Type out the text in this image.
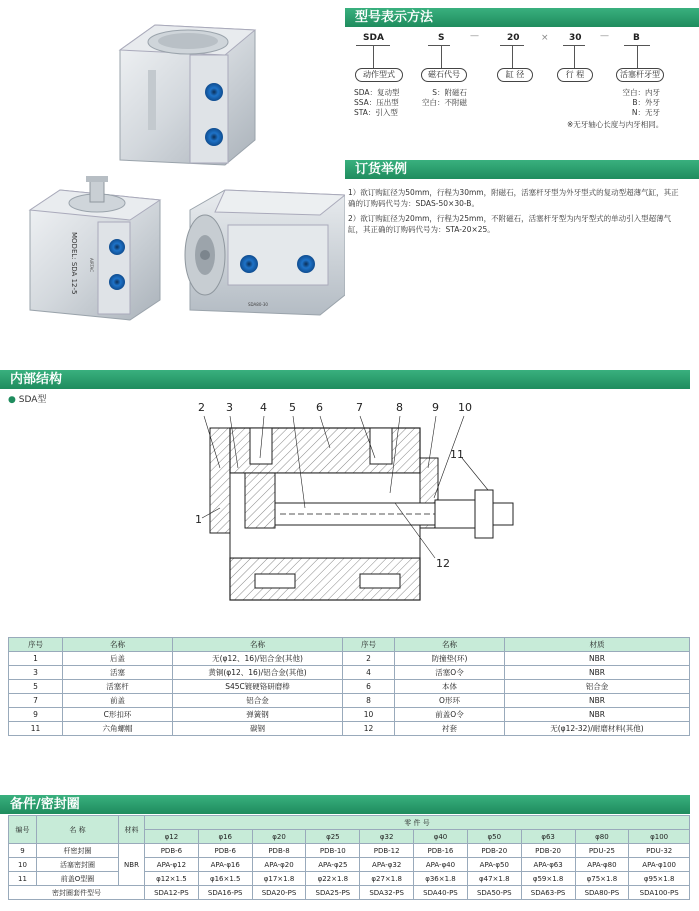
MODEL: SDA 12-5	AIRTAC
SDA80-30
型号表示方法
SDA	S	—	20 × 30 —	B
动作型式	磁石代号	缸 径	行 程	活塞杆牙型
SDA：复动型
SSA：压出型
STA：引入型
S：附磁石
空白：不附磁
空白：内牙
B：外牙
N：无牙
※无牙轴心长度与内牙相同。
订货举例
1）欲订购缸径为50mm，行程为30mm，附磁石，活塞杆牙型为外牙型式的复动型超薄气缸，其正确的订购码代号为：SDAS-50×30-B。
2）欲订购缸径为20mm，行程为25mm，不附磁石，活塞杆牙型为内牙型式的单动引入型超薄气缸，其正确的订购码代号为：STA-20×25。
内部结构
● SDA型
2 3 4 5 6	7	8	9 10
11
1
12
序号	名称	名称	序号	名称	材质
1	后盖	无(φ12、16)/铝合金(其他)	2	防撞垫(环)	NBR
3	活塞	黄铜(φ12、16)/铝合金(其他)	4	活塞O令	NBR
5	活塞杆	S45C镀硬铬研磨棒	6	本体	铝合金
7	前盖	铝合金	8	O形环	NBR
9	C形扣环	弹簧钢	10	前盖O令	NBR
11	六角螺帽	碳钢	12	衬套	无(φ12-32)/耐磨材料(其他)
备件/密封圈
编号	名 称	材料	零 件 号									
			φ12	φ16	φ20	φ25	φ32	φ40	φ50	φ63	φ80	φ100
9	杆密封圈	NBR	PDB-6	PDB-6	PDB-8	PDB-10	PDB-12	PDB-16	PDB-20	PDB-20	PDU-25	PDU-32
10	活塞密封圈		APA-φ12	APA-φ16	APA-φ20	APA-φ25	APA-φ32	APA-φ40	APA-φ50	APA-φ63	APA-φ80	APA-φ100
11	前盖O型圈		φ12×1.5	φ16×1.5	φ17×1.8	φ22×1.8	φ27×1.8	φ36×1.8	φ47×1.8	φ59×1.8	φ75×1.8	φ95×1.8
密封圈套件型号			SDA12-PS	SDA16-PS	SDA20-PS	SDA25-PS	SDA32-PS	SDA40-PS	SDA50-PS	SDA63-PS	SDA80-PS	SDA100-PS
